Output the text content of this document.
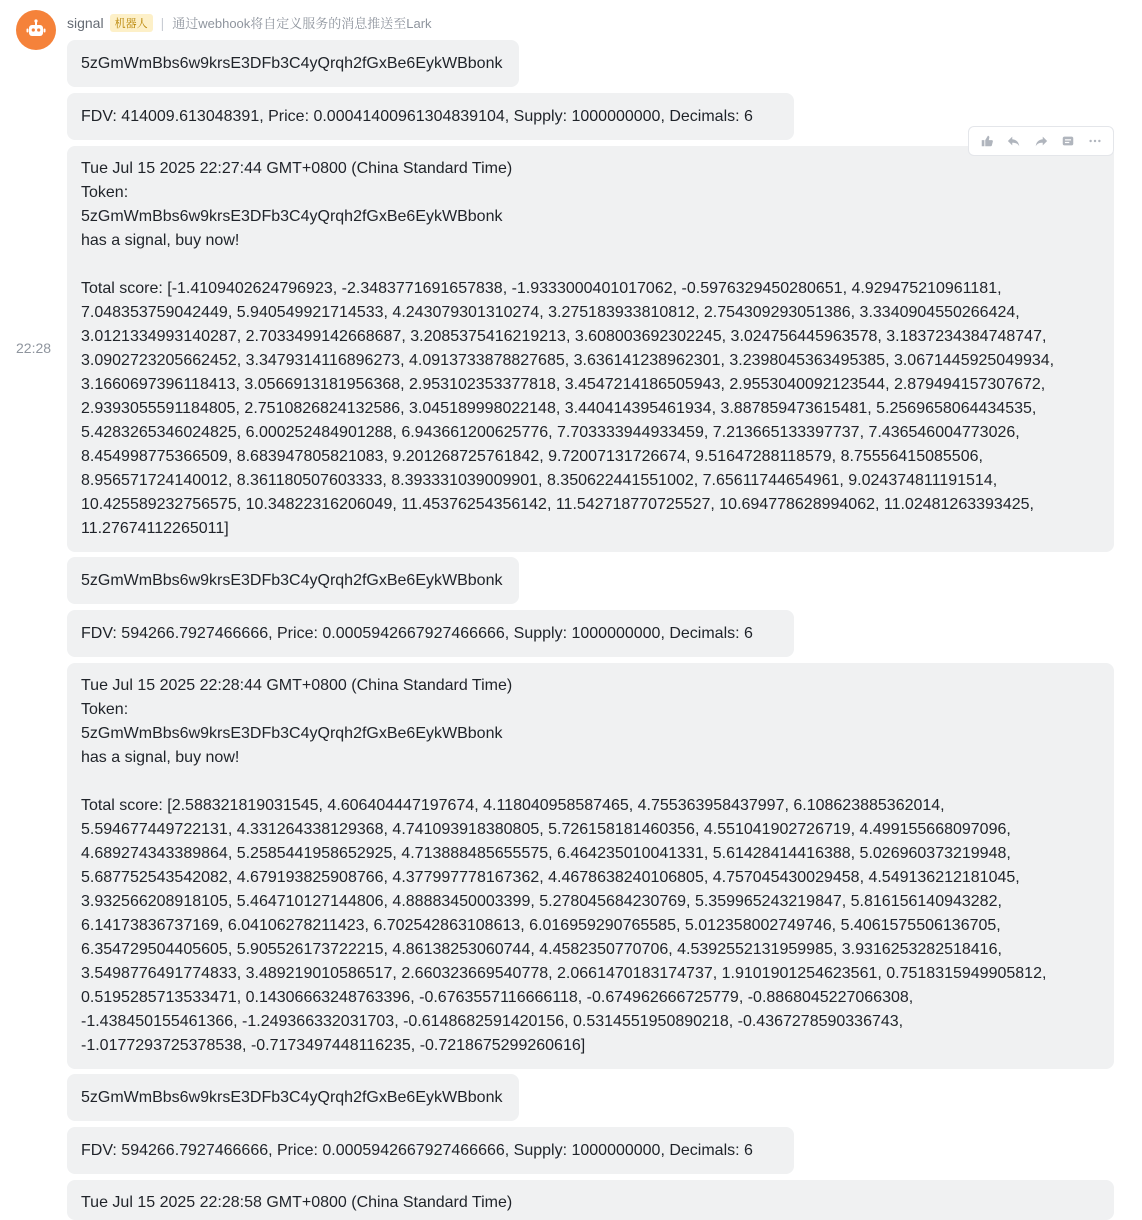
signal	机器人 | 通过webhook将自定义服务的消息推送至Lark
22:28
5zGmWmBbs6w9krsE3DFb3C4yQrqh2fGxBe6EykWBbonk
FDV: 414009.613048391, Price: 0.00041400961304839104, Supply: 1000000000, Decimals: 6
Tue Jul 15 2025 22:27:44 GMT+0800 (China Standard Time)
Token:
5zGmWmBbs6w9krsE3DFb3C4yQrqh2fGxBe6EykWBbonk
has a signal, buy now!

Total score: [-1.4109402624796923, -2.3483771691657838, -1.9333000401017062, -0.5976329450280651, 4.929475210961181,
7.048353759042449, 5.940549921714533, 4.243079301310274, 3.275183933810812, 2.754309293051386, 3.3340904550266424,
3.0121334993140287, 2.7033499142668687, 3.2085375416219213, 3.608003692302245, 3.024756445963578, 3.1837234384748747,
3.0902723205662452, 3.3479314116896273, 4.0913733878827685, 3.636141238962301, 3.2398045363495385, 3.0671445925049934,
3.1660697396118413, 3.0566913181956368, 2.953102353377818, 3.4547214186505943, 2.9553040092123544, 2.879494157307672,
2.9393055591184805, 2.7510826824132586, 3.045189998022148, 3.440414395461934, 3.887859473615481, 5.2569658064434535,
5.4283265346024825, 6.000252484901288, 6.943661200625776, 7.703333944933459, 7.213665133397737, 7.436546004773026,
8.454998775366509, 8.683947805821083, 9.201268725761842, 9.72007131726674, 9.51647288118579, 8.75556415085506,
8.956571724140012, 8.361180507603333, 8.393331039009901, 8.350622441551002, 7.65611744654961, 9.024374811191514,
10.425589232756575, 10.34822316206049, 11.45376254356142, 11.542718770725527, 10.694778628994062, 11.02481263393425,
11.27674112265011]
5zGmWmBbs6w9krsE3DFb3C4yQrqh2fGxBe6EykWBbonk
FDV: 594266.7927466666, Price: 0.0005942667927466666, Supply: 1000000000, Decimals: 6
Tue Jul 15 2025 22:28:44 GMT+0800 (China Standard Time)
Token:
5zGmWmBbs6w9krsE3DFb3C4yQrqh2fGxBe6EykWBbonk
has a signal, buy now!

Total score: [2.588321819031545, 4.606404447197674, 4.118040958587465, 4.755363958437997, 6.108623885362014,
5.594677449722131, 4.331264338129368, 4.741093918380805, 5.726158181460356, 4.551041902726719, 4.499155668097096,
4.689274343389864, 5.2585441958652925, 4.713888485655575, 6.464235010041331, 5.61428414416388, 5.026960373219948,
5.687752543542082, 4.679193825908766, 4.377997778167362, 4.4678638240106805, 4.757045430029458, 4.549136212181045,
3.932566208918105, 5.464710127144806, 4.88883450003399, 5.278045684230769, 5.359965243219847, 5.816156140943282,
6.14173836737169, 6.04106278211423, 6.702542863108613, 6.016959290765585, 5.012358002749746, 5.4061575506136705,
6.354729504405605, 5.905526173722215, 4.86138253060744, 4.4582350770706, 4.5392552131959985, 3.9316253282518416,
3.5498776491774833, 3.489219010586517, 2.660323669540778, 2.0661470183174737, 1.9101901254623561, 0.7518315949905812,
0.5195285713533471, 0.14306663248763396, -0.6763557116666118, -0.674962666725779, -0.8868045227066308,
-1.438450155461366, -1.249366332031703, -0.6148682591420156, 0.5314551950890218, -0.4367278590336743,
-1.0177293725378538, -0.7173497448116235, -0.7218675299260616]
5zGmWmBbs6w9krsE3DFb3C4yQrqh2fGxBe6EykWBbonk
FDV: 594266.7927466666, Price: 0.0005942667927466666, Supply: 1000000000, Decimals: 6
Tue Jul 15 2025 22:28:58 GMT+0800 (China Standard Time)
